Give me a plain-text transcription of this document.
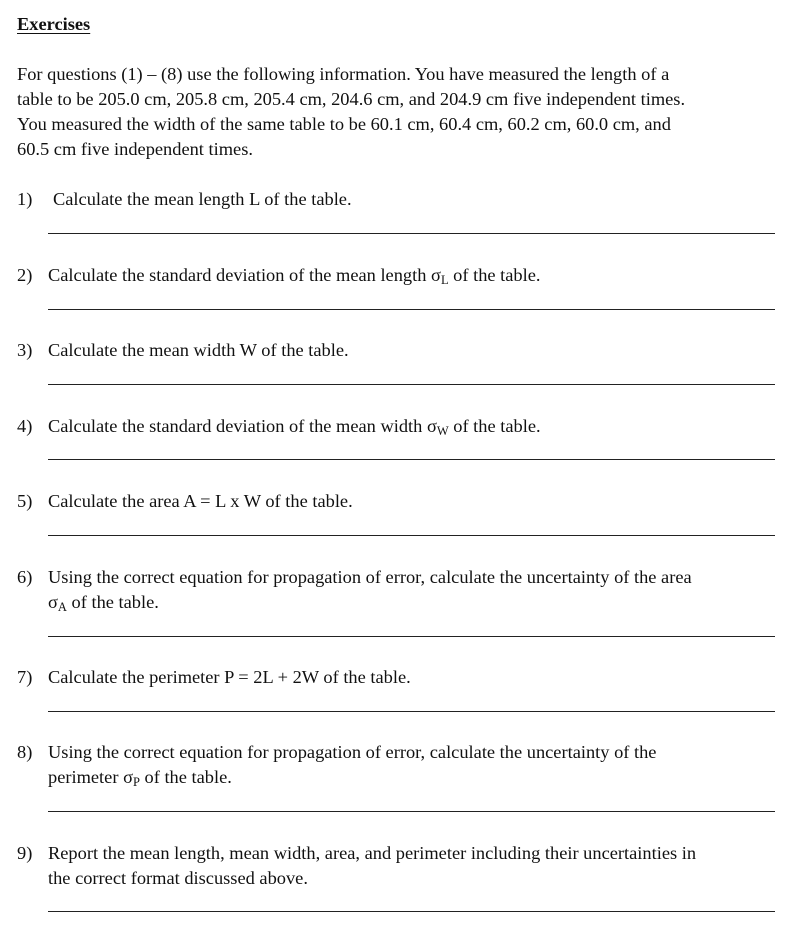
Exercises
For questions (1) – (8) use the following information. You have measured the length of a
table to be 205.0 cm, 205.8 cm, 205.4 cm, 204.6 cm, and 204.9 cm five independent times.
You measured the width of the same table to be 60.1 cm, 60.4 cm, 60.2 cm, 60.0 cm, and
60.5 cm five independent times.
1) Calculate the mean length L of the table.
2) Calculate the standard deviation of the mean length σL of the table.
3) Calculate the mean width W of the table.
4) Calculate the standard deviation of the mean width σW of the table.
5) Calculate the area A = L x W of the table.
6) Using the correct equation for propagation of error, calculate the uncertainty of the area
σA of the table.
7) Calculate the perimeter P = 2L + 2W of the table.
8) Using the correct equation for propagation of error, calculate the uncertainty of the
perimeter σP of the table.
9) Report the mean length, mean width, area, and perimeter including their uncertainties in
the correct format discussed above.
